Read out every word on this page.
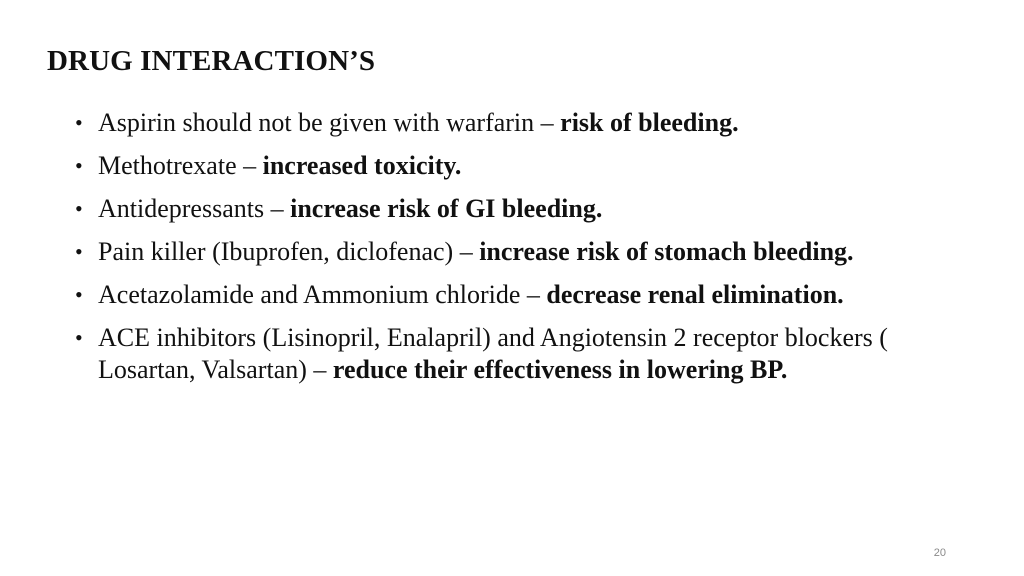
DRUG INTERACTION’S
• Aspirin should not be given with warfarin – risk of bleeding.
• Methotrexate – increased toxicity.
• Antidepressants – increase risk of GI bleeding.
• Pain killer (Ibuprofen, diclofenac) – increase risk of stomach bleeding.
• Acetazolamide and Ammonium chloride – decrease renal elimination.
• ACE inhibitors (Lisinopril, Enalapril) and Angiotensin 2 receptor blockers ( Losartan, Valsartan) – reduce their effectiveness in lowering BP.
20
